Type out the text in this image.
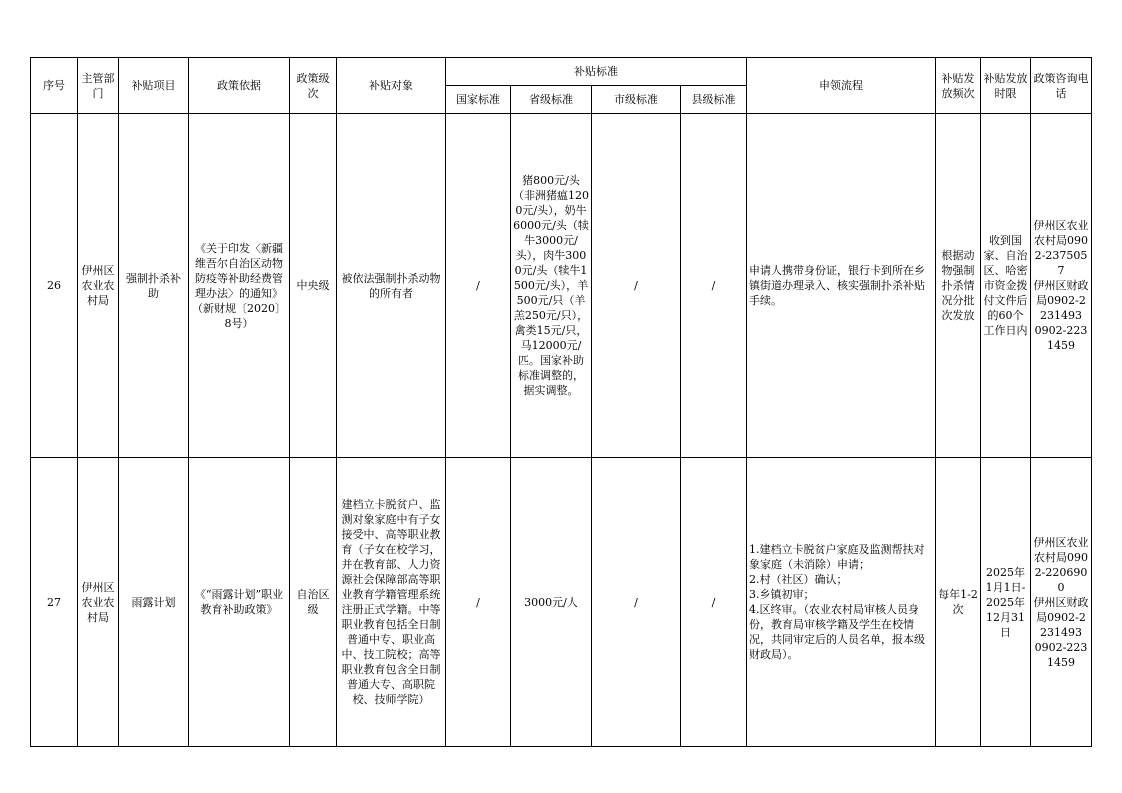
序号	主管部门	补贴项目	政策依据	政策级次	补贴对象	补贴标准				申领流程	补贴发放频次	补贴发放时限	政策咨询电话
						国家标准	省级标准	市级标准	县级标准				
26	伊州区农业农村局	强制扑杀补助	《关于印发〈新疆维吾尔自治区动物防疫等补助经费管理办法〉的通知》（新财规〔2020〕8号）	中央级	被依法强制扑杀动物的所有者	/	猪800元/头（非洲猪瘟1200元/头），奶牛6000元/头（犊牛3000元/头），肉牛3000元/头（犊牛1500元/头），羊500元/只（羊羔250元/只），禽类15元/只，马12000元/匹。国家补助标准调整的，据实调整。	/	/	申请人携带身份证，银行卡到所在乡镇街道办理录入、核实强制扑杀补贴手续。	根据动物强制扑杀情况分批次发放	收到国家、自治区、哈密市资金拨付文件后的60个工作日内	伊州区农业农村局0902-2375057
伊州区财政局0902-2231493
0902-2231459
27	伊州区农业农村局	雨露计划	《“雨露计划”职业教育补助政策》	自治区级	建档立卡脱贫户、监测对象家庭中有子女接受中、高等职业教育（子女在校学习，并在教育部、人力资源社会保障部高等职业教育学籍管理系统注册正式学籍。中等职业教育包括全日制普通中专、职业高中、技工院校；高等职业教育包含全日制普通大专、高职院校、技师学院）	/	3000元/人	/	/	1.建档立卡脱贫户家庭及监测帮扶对象家庭（未消除）申请；
2.村（社区）确认；
3.乡镇初审；
4.区终审。（农业农村局审核人员身份，教育局审核学籍及学生在校情况，共同审定后的人员名单，报本级财政局）。	每年1-2次	2025年1月1日-2025年12月31日	伊州区农业农村局0902-2206900
伊州区财政局0902-2231493
0902-2231459
